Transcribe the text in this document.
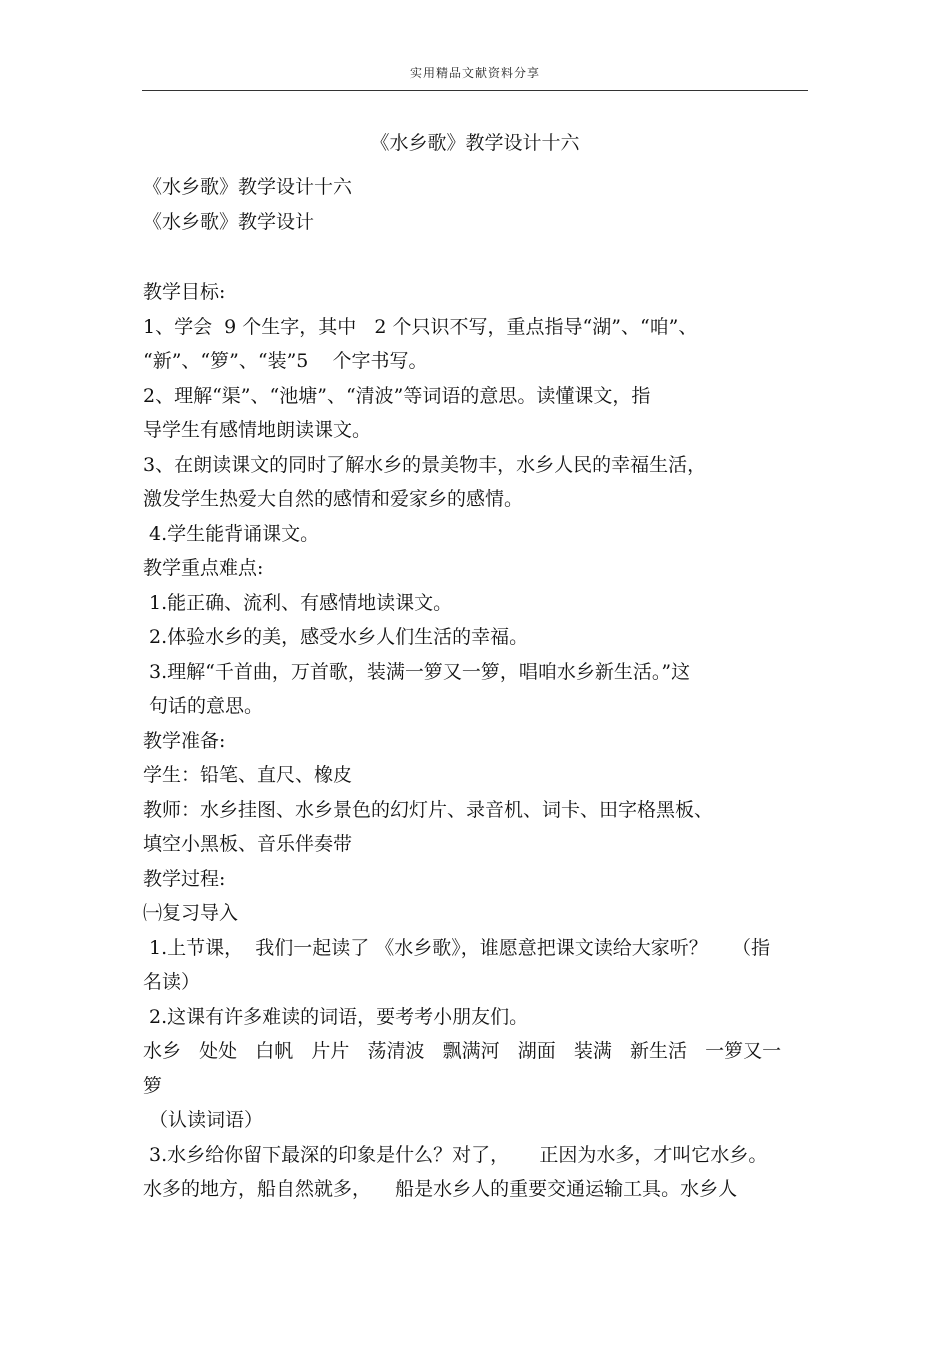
实用精品文献资料分享
《水乡歌》教学设计十六
《水乡歌》教学设计十六
《水乡歌》教学设计
教学目标:
1、学会  9 个生字，其中   2 个只识不写，重点指导“湖”、“咱”、
“新”、“箩”、“装”5    个字书写。
2、理解“渠”、“池塘”、“清波”等词语的意思。读懂课文，指
导学生有感情地朗读课文。
3、在朗读课文的同时了解水乡的景美物丰，水乡人民的幸福生活，
激发学生热爱大自然的感情和爱家乡的感情。
4.学生能背诵课文。
教学重点难点:
1.能正确、流利、有感情地读课文。
2.体验水乡的美，感受水乡人们生活的幸福。
3.理解“千首曲，万首歌，装满一箩又一箩，唱咱水乡新生活。”这
句话的意思。
教学准备:
学生：铅笔、直尺、橡皮
教师：水乡挂图、水乡景色的幻灯片、录音机、词卡、田字格黑板、
填空小黑板、音乐伴奏带
教学过程:
㈠复习导入
1.上节课，  我们一起读了 《水乡歌》，谁愿意把课文读给大家听？    （指
名读）
2.这课有许多难读的词语，要考考小朋友们。
水乡   处处   白帆   片片   荡清波   飘满河   湖面   装满   新生活   一箩又一
箩
（认读词语）
3.水乡给你留下最深的印象是什么？对了，     正因为水多，才叫它水乡。
水多的地方，船自然就多，    船是水乡人的重要交通运输工具。水乡人
